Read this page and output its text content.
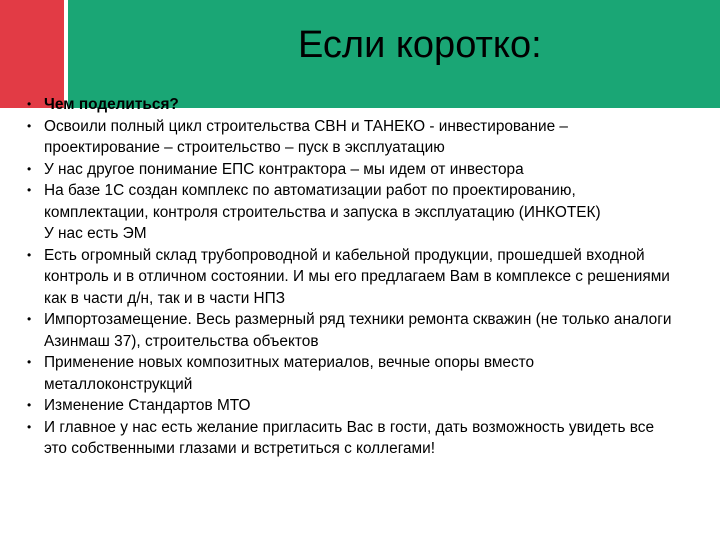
Если коротко:
• Чем поделиться?
• Освоили полный цикл строительства СВН и ТАНЕКО - инвестирование – проектирование – строительство – пуск в эксплуатацию
• У нас другое понимание ЕПС контрактора – мы идем от инвестора
• На базе 1С создан комплекс по автоматизации работ по проектированию, комплектации, контроля строительства и запуска в эксплуатацию (ИНКОТЕК)
У нас есть ЭМ
• Есть огромный склад трубопроводной и кабельной продукции, прошедшей входной контроль и в отличном состоянии. И мы его предлагаем Вам в комплексе с решениями как в части д/н, так и в части НПЗ
• Импортозамещение. Весь размерный ряд техники ремонта скважин (не только аналоги Азинмаш 37), строительства объектов
• Применение новых композитных материалов, вечные опоры вместо металлоконструкций
• Изменение Стандартов МТО
• И главное у нас есть желание пригласить Вас в гости, дать возможность увидеть все это собственными глазами и встретиться с коллегами!
